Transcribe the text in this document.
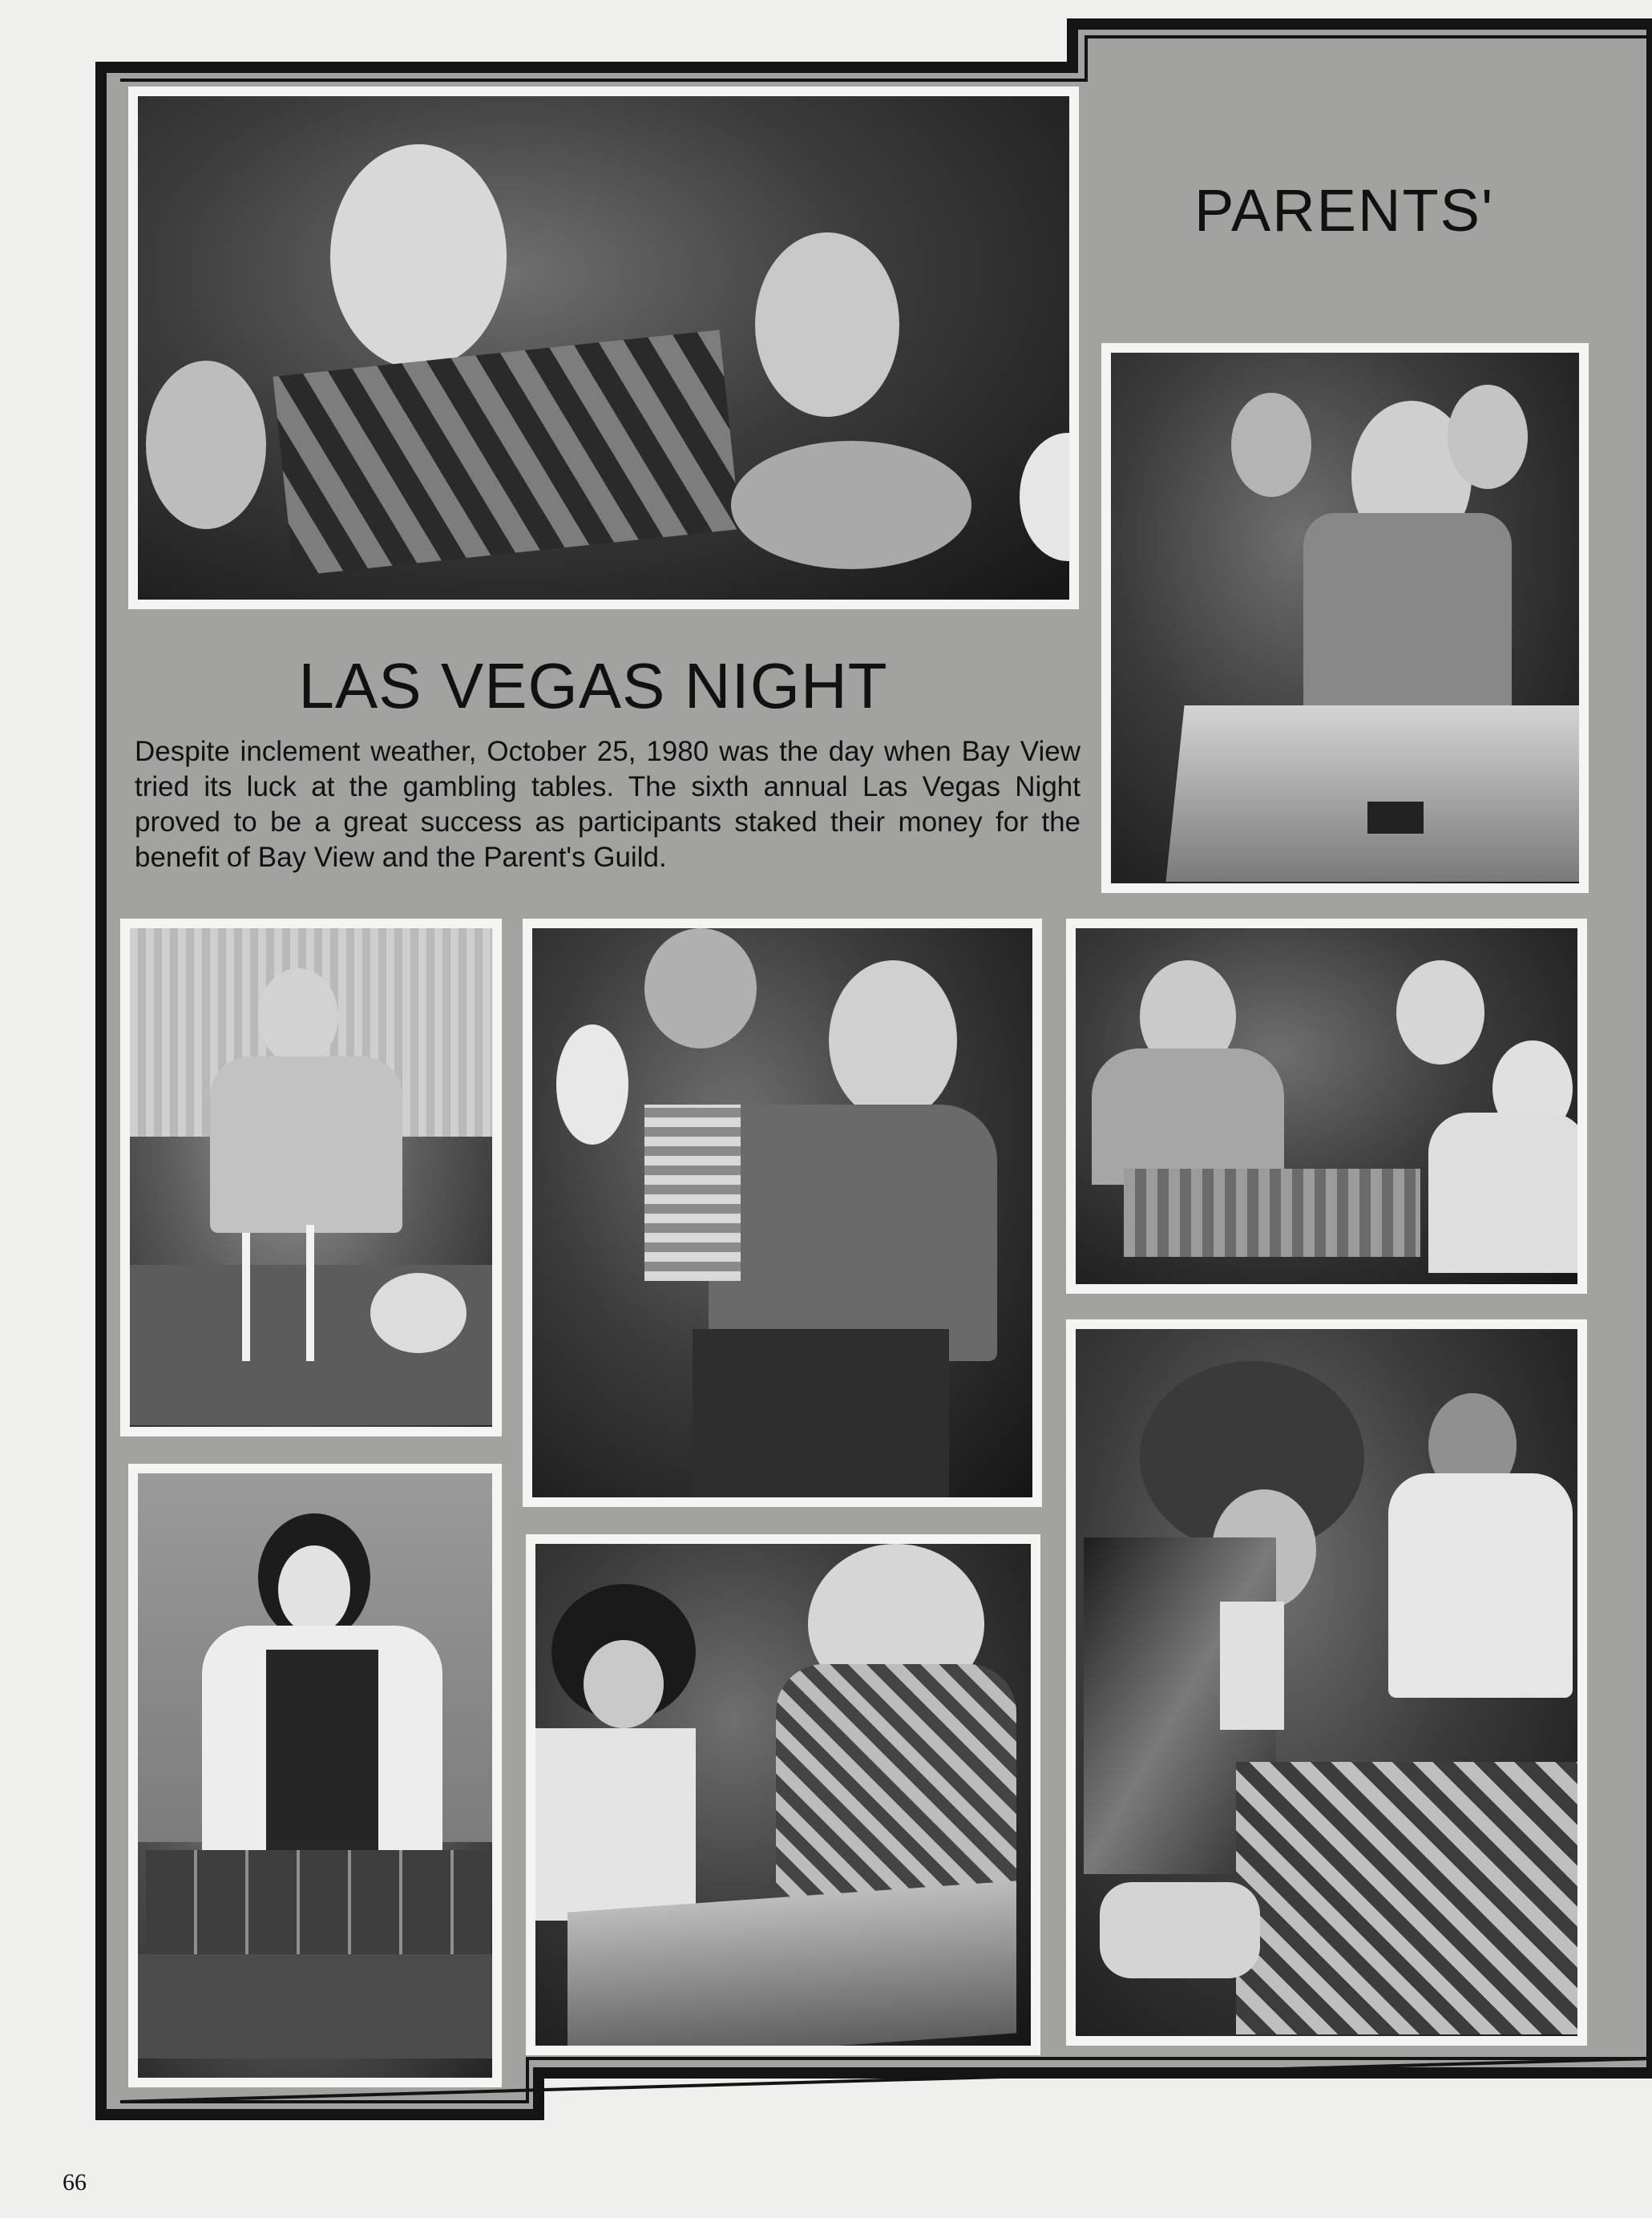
PARENTS'
LAS VEGAS NIGHT
Despite inclement weather, October 25, 1980 was the day when Bay View tried its luck at the gambling tables. The sixth annual Las Vegas Night proved to be a great success as participants staked their money for the benefit of Bay View and the Parent's Guild.
66
